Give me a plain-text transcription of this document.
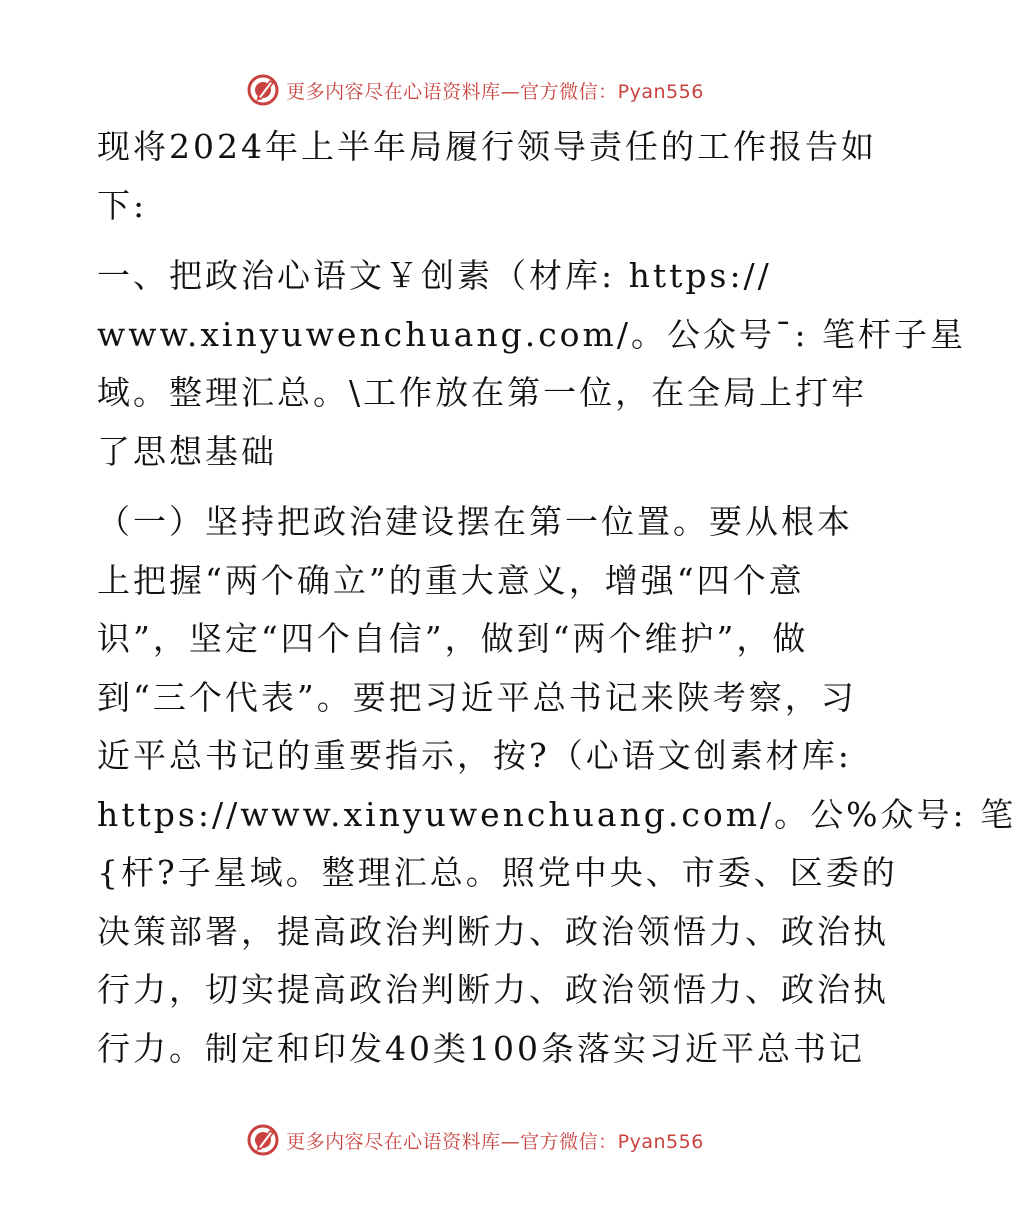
更多内容尽在心语资料库—官方微信：Pyan556

现将2024年上半年局履行领导责任的工作报告如
下:

一、把政治心语文￥创素（材库: https://
www.xinyuwenchuang.com/。公众号¯: 笔杆子星
域。整理汇总。\工作放在第一位，在全局上打牢
了思想基础

（一）坚持把政治建设摆在第一位置。要从根本
上把握“两个确立”的重大意义，增强“四个意
识”，坚定“四个自信”，做到“两个维护”，做
到“三个代表”。要把习近平总书记来陕考察，习
近平总书记的重要指示，按?（心语文创素材库:
https://www.xinyuwenchuang.com/。公%众号: 笔
{杆?子星域。整理汇总。照党中央、市委、区委的
决策部署，提高政治判断力、政治领悟力、政治执
行力，切实提高政治判断力、政治领悟力、政治执
行力。制定和印发40类100条落实习近平总书记

更多内容尽在心语资料库—官方微信：Pyan556
